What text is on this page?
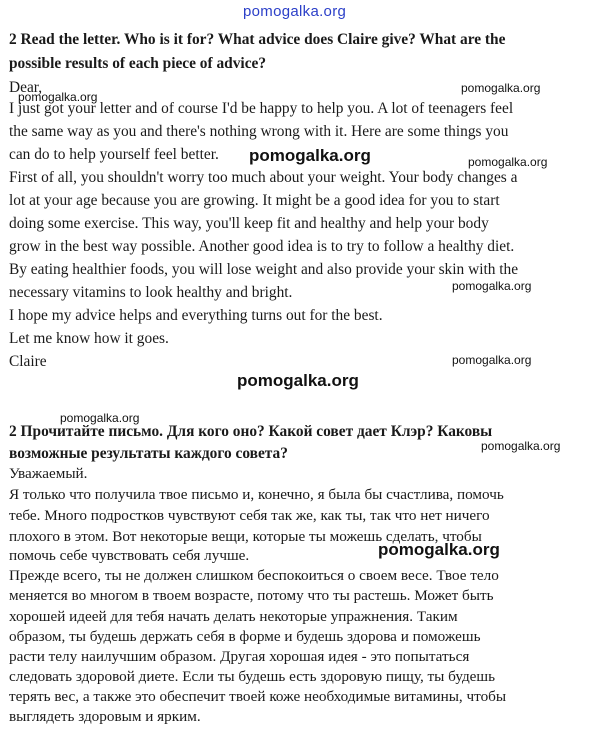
pomogalka.org
2 Read the letter. Who is it for? What advice does Claire give? What are the
possible results of each piece of advice?
Dear,
pomogalka.org
pomogalka.org
I just got your letter and of course I'd be happy to help you. A lot of teenagers feel
the same way as you and there's nothing wrong with it. Here are some things you
can do to help yourself feel better. pomogalka.org	pomogalka.org
First of all, you shouldn't worry too much about your weight. Your body changes a
lot at your age because you are growing. It might be a good idea for you to start
doing some exercise. This way, you'll keep fit and healthy and help your body
grow in the best way possible. Another good idea is to try to follow a healthy diet.
By eating healthier foods, you will lose weight and also provide your skin with the
pomogalka.org
necessary vitamins to look healthy and bright.
I hope my advice helps and everything turns out for the best.
Let me know how it goes.
Claire	pomogalka.org
pomogalka.org
pomogalka.org
2 Прочитайте письмо. Для кого оно? Какой совет дает Клэр? Каковы
возможные результаты каждого совета?	pomogalka.org
Уважаемый.
Я только что получила твое письмо и, конечно, я была бы счастлива, помочь
тебе. Много подростков чувствуют себя так же, как ты, так что нет ничего
плохого в этом. Вот некоторые вещи, которые ты можешь сделать, чтобы
помочь себе чувствовать себя лучше.	pomogalka.org
Прежде всего, ты не должен слишком беспокоиться о своем весе. Твое тело
меняется во многом в твоем возрасте, потому что ты растешь. Может быть
хорошей идеей для тебя начать делать некоторые упражнения. Таким
образом, ты будешь держать себя в форме и будешь здорова и поможешь
расти телу наилучшим образом. Другая хорошая идея - это попытаться
следовать здоровой диете. Если ты будешь есть здоровую пищу, ты будешь
терять вес, а также это обеспечит твоей коже необходимые витамины, чтобы
выглядеть здоровым и ярким.
